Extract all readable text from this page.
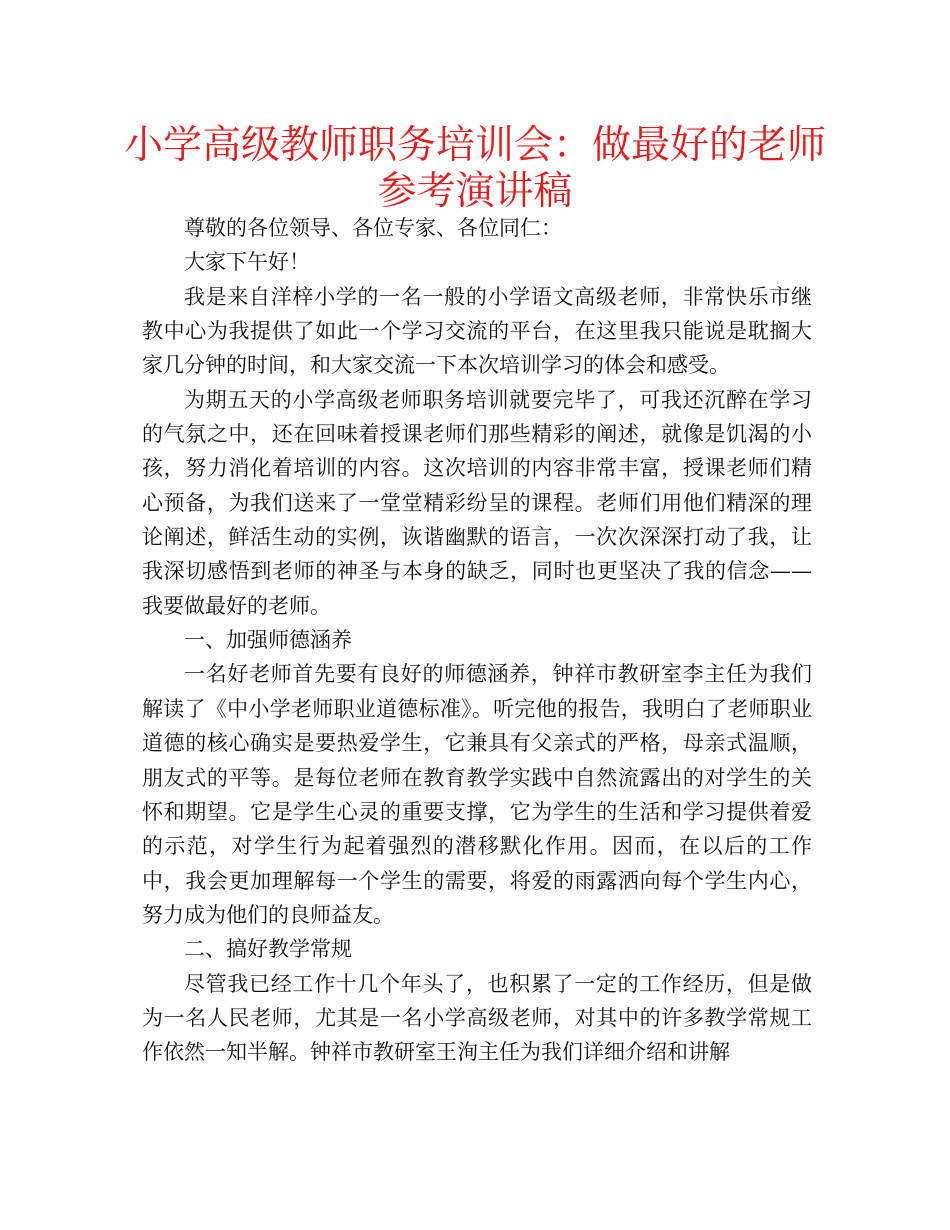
小学高级教师职务培训会：做最好的老师
参考演讲稿

尊敬的各位领导、各位专家、各位同仁：

大家下午好！

我是来自洋梓小学的一名一般的小学语文高级老师，非常快乐市继教中心为我提供了如此一个学习交流的平台，在这里我只能说是耽搁大家几分钟的时间，和大家交流一下本次培训学习的体会和感受。

为期五天的小学高级老师职务培训就要完毕了，可我还沉醉在学习的气氛之中，还在回味着授课老师们那些精彩的阐述，就像是饥渴的小孩，努力消化着培训的内容。这次培训的内容非常丰富，授课老师们精心预备，为我们送来了一堂堂精彩纷呈的课程。老师们用他们精深的理论阐述，鲜活生动的实例，诙谐幽默的语言，一次次深深打动了我，让我深切感悟到老师的神圣与本身的缺乏，同时也更坚决了我的信念——我要做最好的老师。

一、加强师德涵养

一名好老师首先要有良好的师德涵养，钟祥市教研室李主任为我们解读了《中小学老师职业道德标准》。听完他的报告，我明白了老师职业道德的核心确实是要热爱学生，它兼具有父亲式的严格，母亲式温顺，朋友式的平等。是每位老师在教育教学实践中自然流露出的对学生的关怀和期望。它是学生心灵的重要支撑，它为学生的生活和学习提供着爱的示范，对学生行为起着强烈的潜移默化作用。因而，在以后的工作中，我会更加理解每一个学生的需要，将爱的雨露洒向每个学生内心，努力成为他们的良师益友。

二、搞好教学常规

尽管我已经工作十几个年头了，也积累了一定的工作经历，但是做为一名人民老师，尤其是一名小学高级老师，对其中的许多教学常规工作依然一知半解。钟祥市教研室王洵主任为我们详细介绍和讲解
